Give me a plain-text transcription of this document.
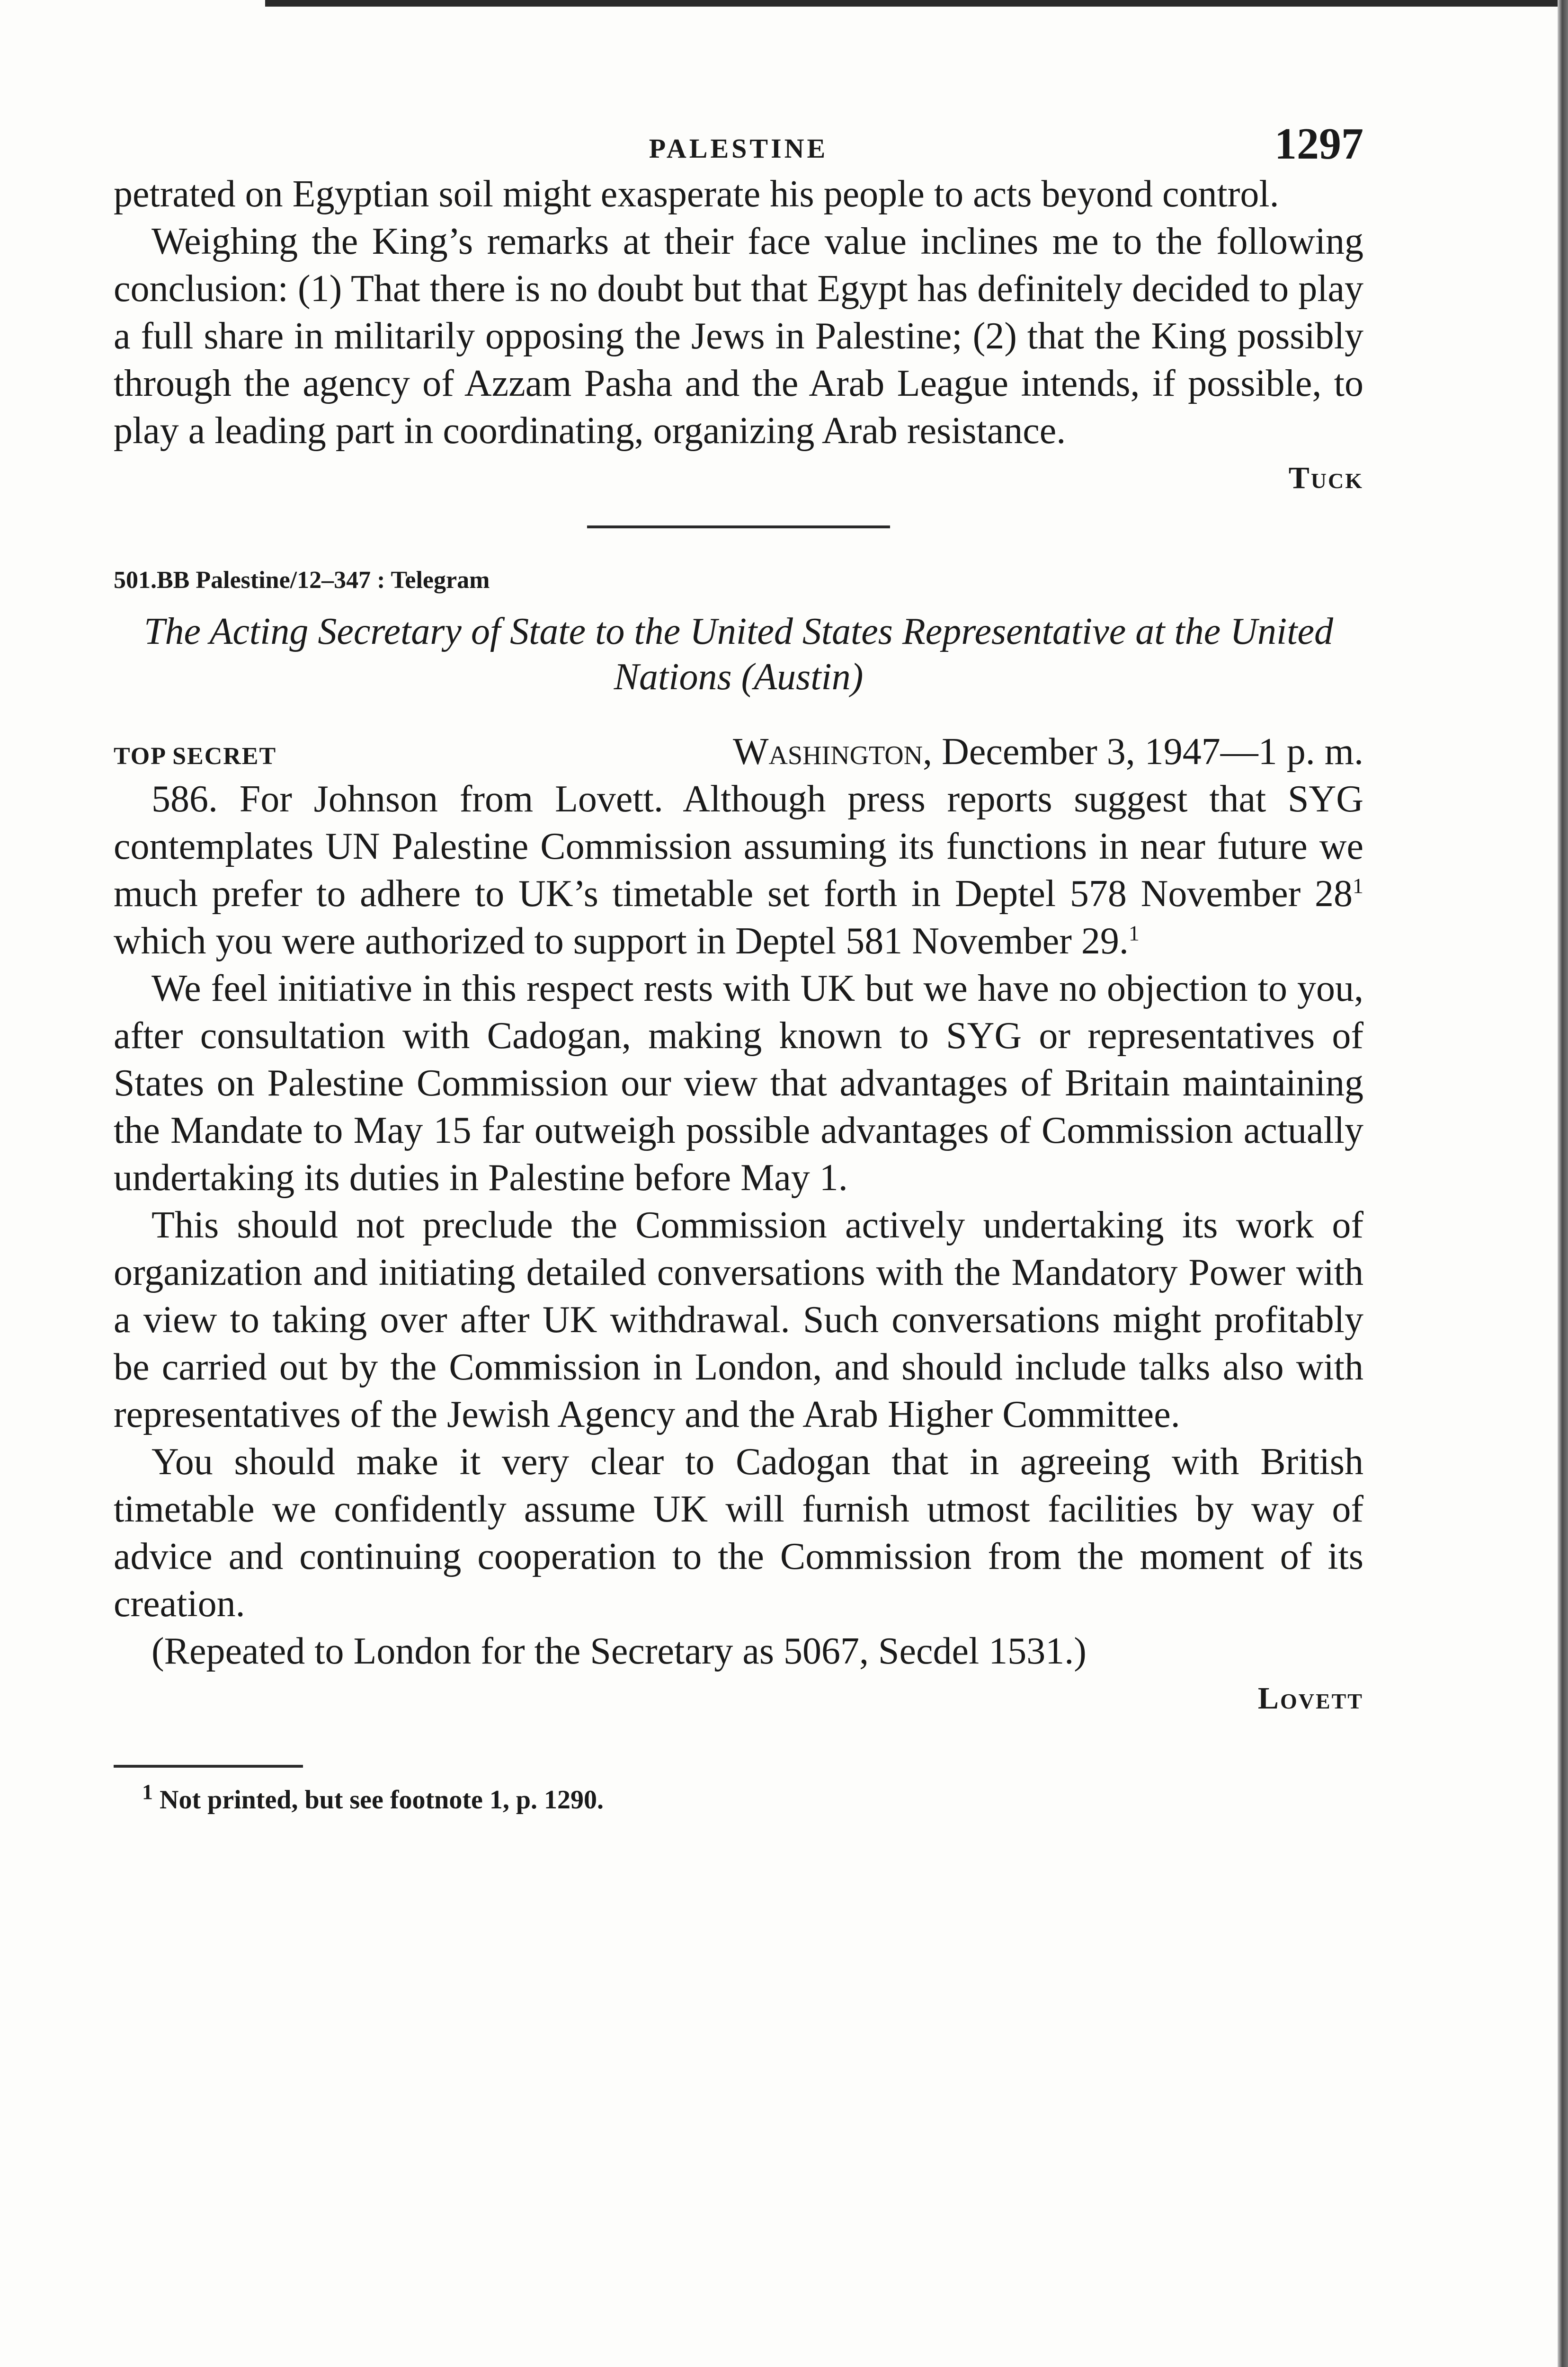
PALESTINE	1297

petrated on Egyptian soil might exasperate his people to acts beyond control.

Weighing the King’s remarks at their face value inclines me to the following conclusion: (1) That there is no doubt but that Egypt has definitely decided to play a full share in militarily opposing the Jews in Palestine; (2) that the King possibly through the agency of Azzam Pasha and the Arab League intends, if possible, to play a leading part in coordinating, organizing Arab resistance.

Tuck
501.BB Palestine/12–347 : Telegram
The Acting Secretary of State to the United States Representative at the United Nations (Austin)
TOP SECRET	Washington, December 3, 1947—1 p. m.

586. For Johnson from Lovett. Although press reports suggest that SYG contemplates UN Palestine Commission assuming its functions in near future we much prefer to adhere to UK’s timetable set forth in Deptel 578 November $28^1$ which you were authorized to support in Deptel 581 November 29.$^1$

We feel initiative in this respect rests with UK but we have no objection to you, after consultation with Cadogan, making known to SYG or representatives of States on Palestine Commission our view that advantages of Britain maintaining the Mandate to May 15 far outweigh possible advantages of Commission actually undertaking its duties in Palestine before May 1.

This should not preclude the Commission actively undertaking its work of organization and initiating detailed conversations with the Mandatory Power with a view to taking over after UK withdrawal. Such conversations might profitably be carried out by the Commission in London, and should include talks also with representatives of the Jewish Agency and the Arab Higher Committee.

You should make it very clear to Cadogan that in agreeing with British timetable we confidently assume UK will furnish utmost facilities by way of advice and continuing cooperation to the Commission from the moment of its creation.

(Repeated to London for the Secretary as 5067, Secdel 1531.)

Lovett
$^1$ Not printed, but see footnote 1, p. 1290.
